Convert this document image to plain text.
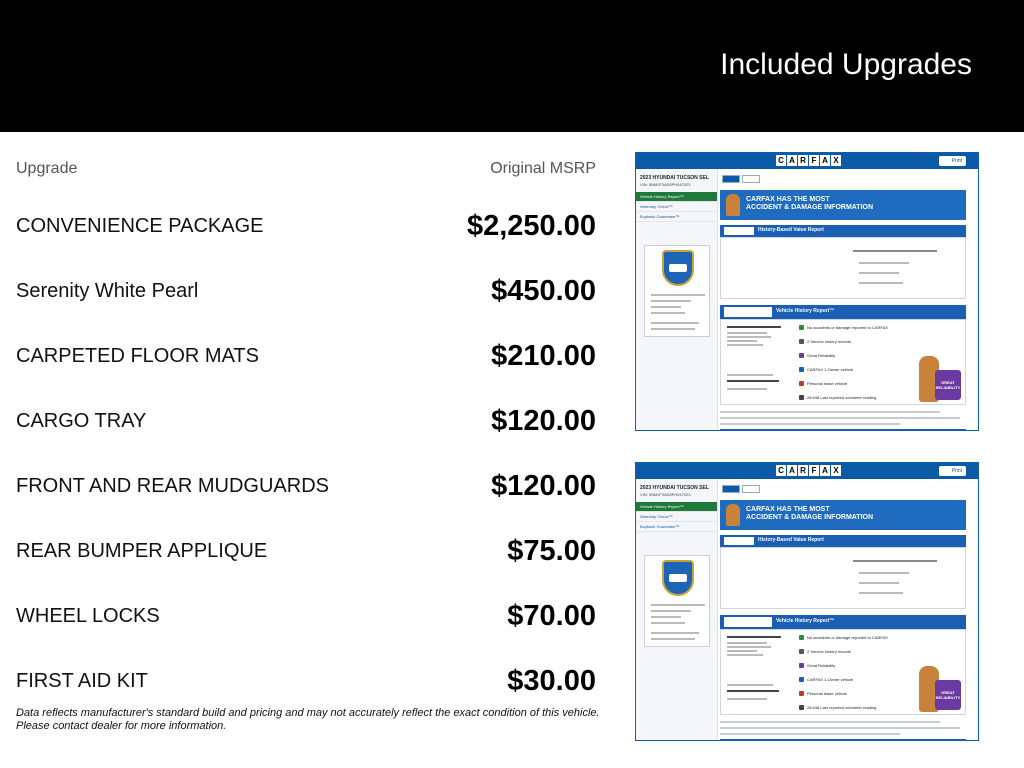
Included Upgrades
Upgrade	Original MSRP
CONVENIENCE PACKAGE	$2,250.00
Serenity White Pearl	$450.00
CARPETED FLOOR MATS	$210.00
CARGO TRAY	$120.00
FRONT AND REAR MUDGUARDS	$120.00
REAR BUMPER APPLIQUE	$75.00
WHEEL LOCKS	$70.00
FIRST AID KIT	$30.00
Data reflects manufacturer's standard build and pricing and may not accurately reflect the exact condition of this vehicle.
Please contact dealer for more information.
C A R F A X	Print
2023 HYUNDAI TUCSON SEL
VIN: 5NMJF3AE8PH047023
Vehicle History Report™
Warranty Check™
Buyback Guarantee™
CARFAX HAS THE MOST
ACCIDENT & DAMAGE INFORMATION
History-Based Value Report
Vehicle History Report™
GREAT RELIABILITY
No accidents or damage reported to CARFAX
2 Service history records
Great Reliability
CARFAX 1-Owner vehicle
Personal lease vehicle
28,648 Last reported odometer reading
C A R F A X	Print
2023 HYUNDAI TUCSON SEL
VIN: 5NMJF3AE8PH047023
Vehicle History Report™
Warranty Check™
Buyback Guarantee™
CARFAX HAS THE MOST
ACCIDENT & DAMAGE INFORMATION
History-Based Value Report
Vehicle History Report™
GREAT RELIABILITY
No accidents or damage reported to CARFAX
2 Service history records
Great Reliability
CARFAX 1-Owner vehicle
Personal lease vehicle
28,648 Last reported odometer reading
